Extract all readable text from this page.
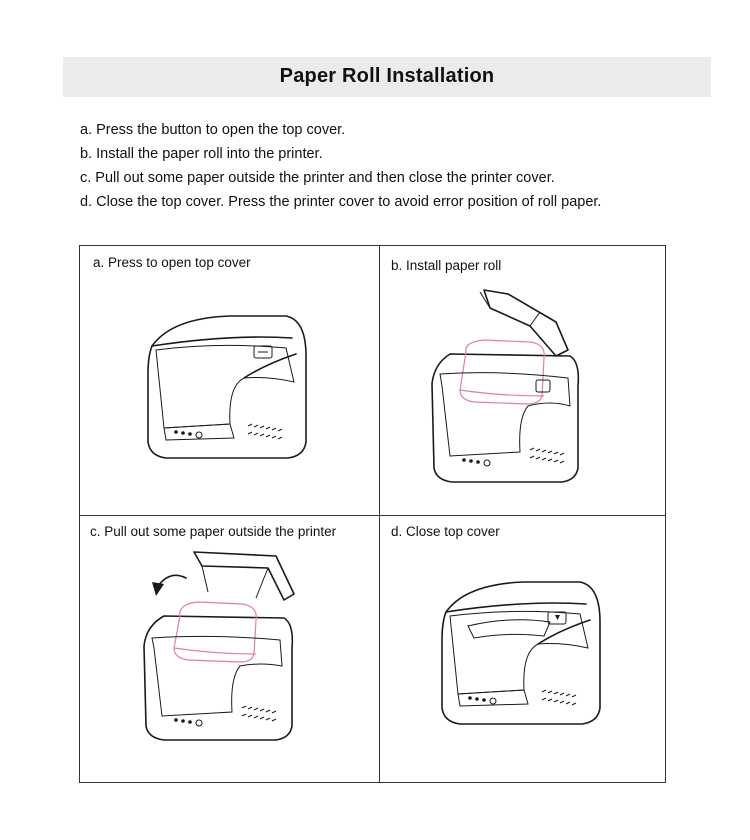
Paper Roll Installation
a. Press the button to open the top cover.
b. Install the paper roll into the printer.
c. Pull out some paper outside the printer and then close the printer cover.
d. Close the top cover. Press the printer cover to avoid error position of roll paper.
a. Press to open top cover	b. Install paper roll
c. Pull out some paper outside the printer	d. Close top cover
